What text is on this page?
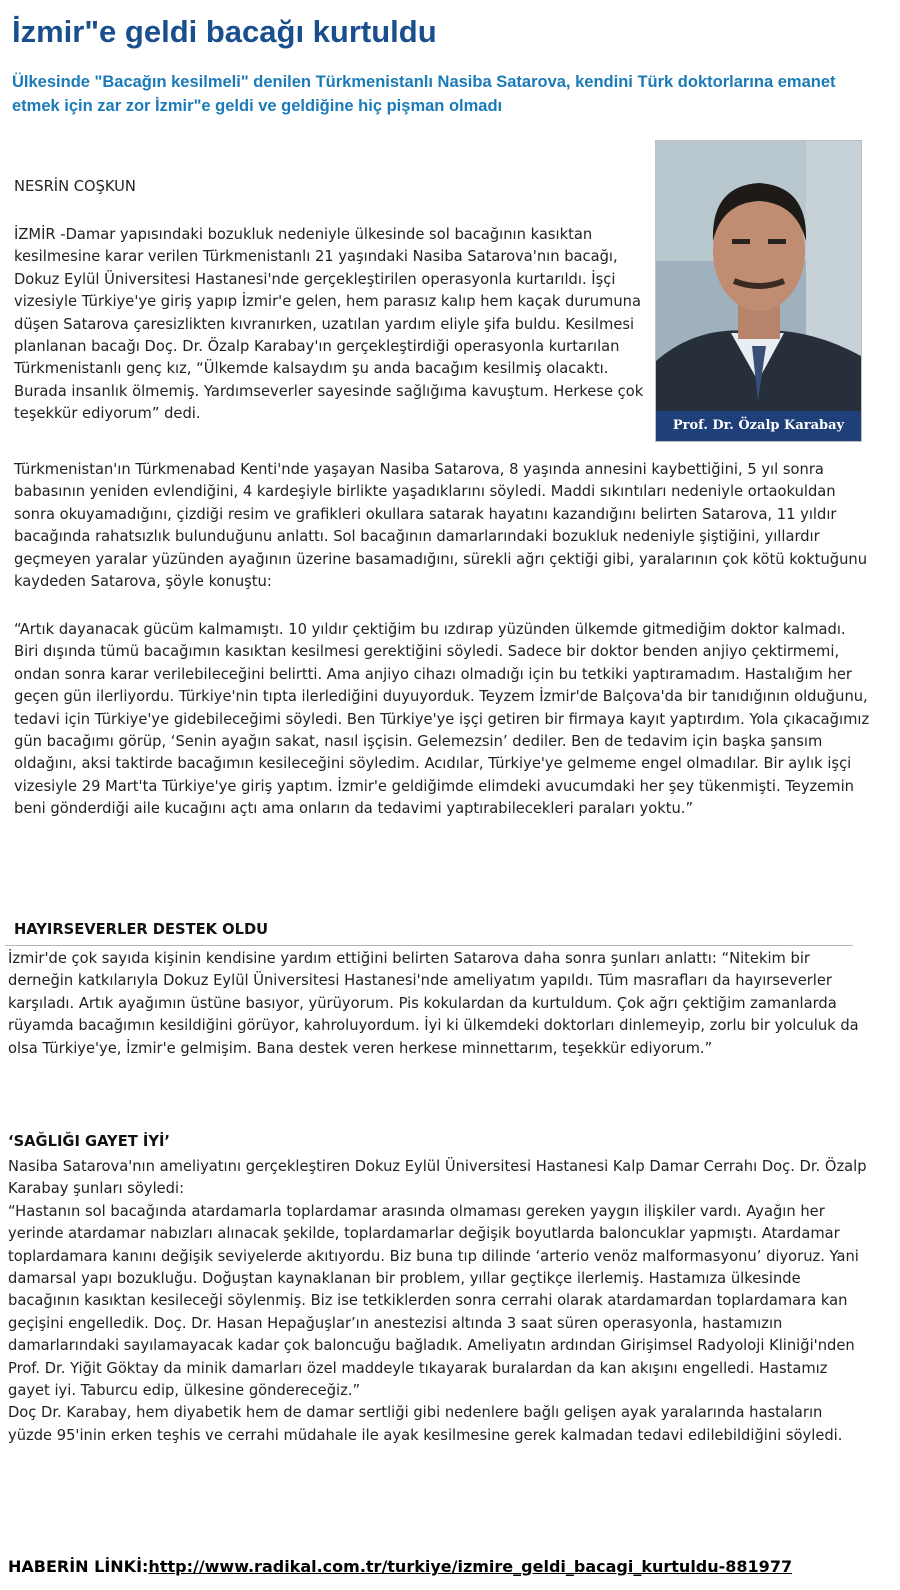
İzmir"e geldi bacağı kurtuldu

Ülkesinde "Bacağın kesilmeli" denilen Türkmenistanlı Nasiba Satarova, kendini Türk doktorlarına emanet etmek için zar zor İzmir"e geldi ve geldiğine hiç pişman olmadı

Prof. Dr. Özalp Karabay

NESRİN COŞKUN

İZMİR -Damar yapısındaki bozukluk nedeniyle ülkesinde sol bacağının kasıktan kesilmesine karar verilen Türkmenistanlı 21 yaşındaki Nasiba Satarova'nın bacağı, Dokuz Eylül Üniversitesi Hastanesi'nde gerçekleştirilen operasyonla kurtarıldı. İşçi vizesiyle Türkiye'ye giriş yapıp İzmir'e gelen, hem parasız kalıp hem kaçak durumuna düşen Satarova çaresizlikten kıvranırken, uzatılan yardım eliyle şifa buldu. Kesilmesi planlanan bacağı Doç. Dr. Özalp Karabay'ın gerçekleştirdiği operasyonla kurtarılan Türkmenistanlı genç kız, “Ülkemde kalsaydım şu anda bacağım kesilmiş olacaktı. Burada insanlık ölmemiş. Yardımseverler sayesinde sağlığıma kavuştum. Herkese çok teşekkür ediyorum” dedi.

Türkmenistan'ın Türkmenabad Kenti'nde yaşayan Nasiba Satarova, 8 yaşında annesini kaybettiğini, 5 yıl sonra babasının yeniden evlendiğini, 4 kardeşiyle birlikte yaşadıklarını söyledi. Maddi sıkıntıları nedeniyle ortaokuldan sonra okuyamadığını, çizdiği resim ve grafikleri okullara satarak hayatını kazandığını belirten Satarova, 11 yıldır bacağında rahatsızlık bulunduğunu anlattı. Sol bacağının damarlarındaki bozukluk nedeniyle şiştiğini, yıllardır geçmeyen yaralar yüzünden ayağının üzerine basamadığını, sürekli ağrı çektiği gibi, yaralarının çok kötü koktuğunu kaydeden Satarova, şöyle konuştu:

“Artık dayanacak gücüm kalmamıştı. 10 yıldır çektiğim bu ızdırap yüzünden ülkemde gitmediğim doktor kalmadı. Biri dışında tümü bacağımın kasıktan kesilmesi gerektiğini söyledi. Sadece bir doktor benden anjiyo çektirmemi, ondan sonra karar verilebileceğini belirtti. Ama anjiyo cihazı olmadığı için bu tetkiki yaptıramadım. Hastalığım her geçen gün ilerliyordu. Türkiye'nin tıpta ilerlediğini duyuyorduk. Teyzem İzmir'de Balçova'da bir tanıdığının olduğunu, tedavi için Türkiye'ye gidebileceğimi söyledi. Ben Türkiye'ye işçi getiren bir firmaya kayıt yaptırdım. Yola çıkacağımız gün bacağımı görüp, ‘Senin ayağın sakat, nasıl işçisin. Gelemezsin’ dediler. Ben de tedavim için başka şansım oldağını, aksi taktirde bacağımın kesileceğini söyledim. Acıdılar, Türkiye'ye gelmeme engel olmadılar. Bir aylık işçi vizesiyle 29 Mart'ta Türkiye'ye giriş yaptım. İzmir'e geldiğimde elimdeki avucumdaki her şey tükenmişti. Teyzemin beni gönderdiği aile kucağını açtı ama onların da tedavimi yaptırabilecekleri paraları yoktu.”

HAYIRSEVERLER DESTEK OLDU

İzmir'de çok sayıda kişinin kendisine yardım ettiğini belirten Satarova daha sonra şunları anlattı: “Nitekim bir derneğin katkılarıyla Dokuz Eylül Üniversitesi Hastanesi'nde ameliyatım yapıldı. Tüm masrafları da hayırseverler karşıladı. Artık ayağımın üstüne basıyor, yürüyorum. Pis kokulardan da kurtuldum. Çok ağrı çektiğim zamanlarda rüyamda bacağımın kesildiğini görüyor, kahroluyordum. İyi ki ülkemdeki doktorları dinlemeyip, zorlu bir yolculuk da olsa Türkiye'ye, İzmir'e gelmişim. Bana destek veren herkese minnettarım, teşekkür ediyorum.”

‘SAĞLIĞI GAYET İYİ’

Nasiba Satarova'nın ameliyatını gerçekleştiren Dokuz Eylül Üniversitesi Hastanesi Kalp Damar Cerrahı Doç. Dr. Özalp Karabay şunları söyledi:
“Hastanın sol bacağında atardamarla toplardamar arasında olmaması gereken yaygın ilişkiler vardı. Ayağın her yerinde atardamar nabızları alınacak şekilde, toplardamarlar değişik boyutlarda baloncuklar yapmıştı. Atardamar toplardamara kanını değişik seviyelerde akıtıyordu. Biz buna tıp dilinde ‘arterio venöz malformasyonu’ diyoruz. Yani damarsal yapı bozukluğu. Doğuştan kaynaklanan bir problem, yıllar geçtikçe ilerlemiş. Hastamıza ülkesinde bacağının kasıktan kesileceği söylenmiş. Biz ise tetkiklerden sonra cerrahi olarak atardamardan toplardamara kan geçişini engelledik. Doç. Dr. Hasan Hepağuşlar’ın anestezisi altında 3 saat süren operasyonla, hastamızın damarlarındaki sayılamayacak kadar çok baloncuğu bağladık. Ameliyatın ardından Girişimsel Radyoloji Kliniği'nden Prof. Dr. Yiğit Göktay da minik damarları özel maddeyle tıkayarak buralardan da kan akışını engelledi. Hastamız gayet iyi. Taburcu edip, ülkesine göndereceğiz.”
Doç Dr. Karabay, hem diyabetik hem de damar sertliği gibi nedenlere bağlı gelişen ayak yaralarında hastaların yüzde 95'inin erken teşhis ve cerrahi müdahale ile ayak kesilmesine gerek kalmadan tedavi edilebildiğini söyledi.

HABERİN LİNKİ:http://www.radikal.com.tr/turkiye/izmire_geldi_bacagi_kurtuldu-881977
